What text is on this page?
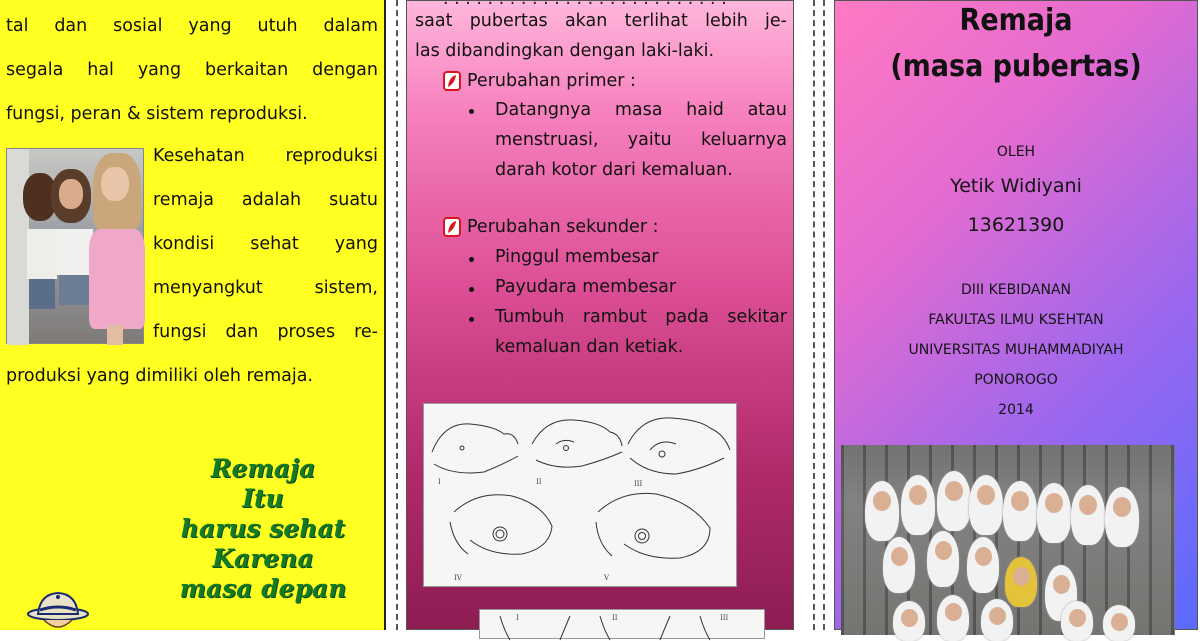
tal dan sosial yang utuh dalam
segala hal yang berkaitan dengan
fungsi, peran & sistem reproduksi.
Kesehatan reproduksi
remaja adalah suatu
kondisi sehat yang
menyangkut sistem,
fungsi dan proses re-
produksi yang dimiliki oleh remaja.
Remaja
Itu
harus sehat
Karena
masa depan
saat pubertas akan terlihat lebih je-
las dibandingkan dengan laki-laki.
Perubahan primer :
Datangnya masa haid atau
menstruasi, yaitu keluarnya
darah kotor dari kemaluan.
Perubahan sekunder :
Pinggul membesar
Payudara membesar
Tumbuh rambut pada sekitar
kemaluan dan ketiak.
I	II	III
IV	V
I	II	III
Remaja
(masa pubertas)
OLEH
Yetik Widiyani
13621390
DIII KEBIDANAN
FAKULTAS ILMU KSEHTAN
UNIVERSITAS MUHAMMADIYAH
PONOROGO
2014
